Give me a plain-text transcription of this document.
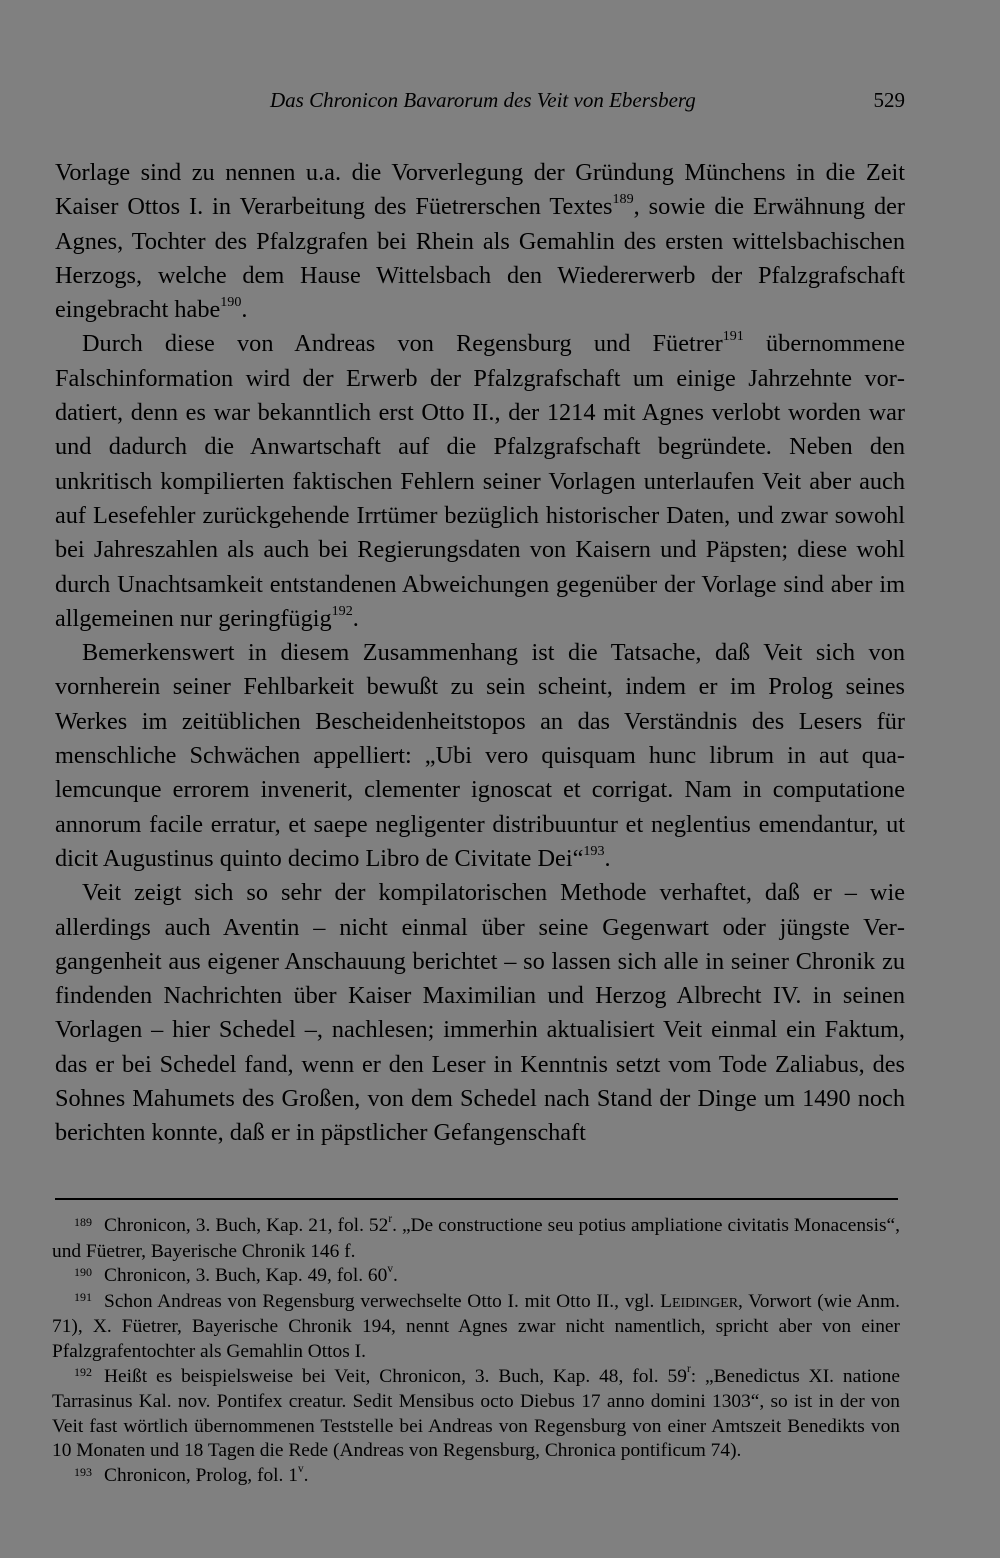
Das Chronicon Bavarorum des Veit von Ebersberg	529

Vorlage sind zu nennen u.a. die Vorverlegung der Gründung Münchens in die Zeit Kaiser Ottos I. in Verarbeitung des Füetrerschen Textes$^{189}$, sowie die Erwähnung der Agnes, Tochter des Pfalzgrafen bei Rhein als Gemahlin des ersten wittelsbachischen Herzogs, welche dem Hause Wittelsbach den Wiedererwerb der Pfalzgrafschaft eingebracht habe$^{190}$.

Durch diese von Andreas von Regensburg und Füetrer$^{191}$ übernommene Falschinformation wird der Erwerb der Pfalzgrafschaft um einige Jahrzehnte vordatiert, denn es war bekanntlich erst Otto II., der 1214 mit Agnes verlobt worden war und dadurch die Anwartschaft auf die Pfalzgrafschaft begründete. Neben den unkritisch kompilierten faktischen Fehlern seiner Vorlagen unterlaufen Veit aber auch auf Lesefehler zurückgehende Irrtümer bezüglich historischer Daten, und zwar sowohl bei Jahreszahlen als auch bei Regierungsdaten von Kaisern und Päpsten; diese wohl durch Unachtsamkeit entstandenen Abweichungen gegenüber der Vorlage sind aber im allgemeinen nur geringfügig$^{192}$.

Bemerkenswert in diesem Zusammenhang ist die Tatsache, daß Veit sich von vornherein seiner Fehlbarkeit bewußt zu sein scheint, indem er im Prolog seines Werkes im zeitüblichen Bescheidenheitstopos an das Verständnis des Lesers für menschliche Schwächen appelliert: „Ubi vero quisquam hunc librum in aut qualemcunque errorem invenerit, clementer ignoscat et corrigat. Nam in computatione annorum facile erratur, et saepe negligenter distribuuntur et neglentius emendantur, ut dicit Augustinus quinto decimo Libro de Civitate Dei“$^{193}$.

Veit zeigt sich so sehr der kompilatorischen Methode verhaftet, daß er – wie allerdings auch Aventin – nicht einmal über seine Gegenwart oder jüngste Vergangenheit aus eigener Anschauung berichtet – so lassen sich alle in seiner Chronik zu findenden Nachrichten über Kaiser Maximilian und Herzog Albrecht IV. in seinen Vorlagen – hier Schedel –, nachlesen; immerhin aktualisiert Veit einmal ein Faktum, das er bei Schedel fand, wenn er den Leser in Kenntnis setzt vom Tode Zaliabus, des Sohnes Mahumets des Großen, von dem Schedel nach Stand der Dinge um 1490 noch berichten konnte, daß er in päpstlicher Gefangenschaft

$^{189}$ Chronicon, 3. Buch, Kap. 21, fol. 52$^r$. „De constructione seu potius ampliatione civitatis Monacensis“, und Füetrer, Bayerische Chronik 146 f.

$^{190}$ Chronicon, 3. Buch, Kap. 49, fol. 60$^v$.

$^{191}$ Schon Andreas von Regensburg verwechselte Otto I. mit Otto II., vgl. Leidinger, Vorwort (wie Anm. 71), X. Füetrer, Bayerische Chronik 194, nennt Agnes zwar nicht namentlich, spricht aber von einer Pfalzgrafentochter als Gemahlin Ottos I.

$^{192}$ Heißt es beispielsweise bei Veit, Chronicon, 3. Buch, Kap. 48, fol. 59$^r$: „Benedictus XI. natione Tarrasinus Kal. nov. Pontifex creatur. Sedit Mensibus octo Diebus 17 anno domini 1303“, so ist in der von Veit fast wörtlich übernommenen Teststelle bei Andreas von Regensburg von einer Amtszeit Benedikts von 10 Monaten und 18 Tagen die Rede (Andreas von Regensburg, Chronica pontificum 74).

$^{193}$ Chronicon, Prolog, fol. 1$^v$.
